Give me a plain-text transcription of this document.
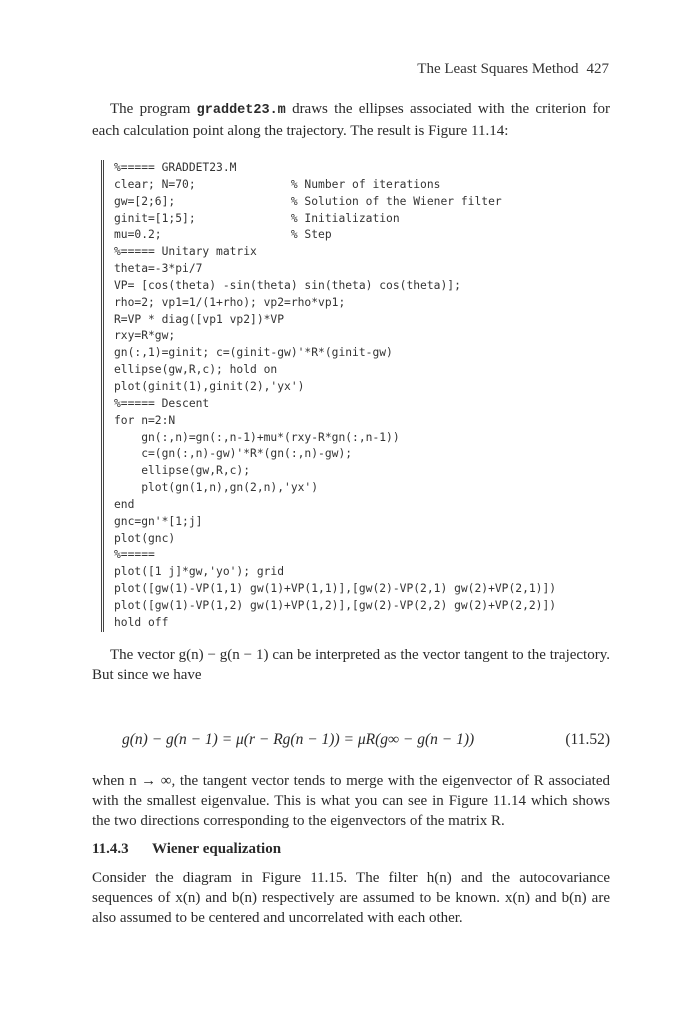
The Least Squares Method 427
The program graddet23.m draws the ellipses associated with the criterion for each calculation point along the trajectory. The result is Figure 11.14:
%===== GRADDET23.M
clear; N=70;              % Number of iterations
gw=[2;6];                 % Solution of the Wiener filter
ginit=[1;5];              % Initialization
mu=0.2;                   % Step
%===== Unitary matrix
theta=-3*pi/7
VP= [cos(theta) -sin(theta) sin(theta) cos(theta)];
rho=2; vp1=1/(1+rho); vp2=rho*vp1;
R=VP * diag([vp1 vp2])*VP
rxy=R*gw;
gn(:,1)=ginit; c=(ginit-gw)'*R*(ginit-gw)
ellipse(gw,R,c); hold on
plot(ginit(1),ginit(2),'yx')
%===== Descent
for n=2:N
gn(:,n)=gn(:,n-1)+mu*(rxy-R*gn(:,n-1))
c=(gn(:,n)-gw)'*R*(gn(:,n)-gw);
ellipse(gw,R,c);
plot(gn(1,n),gn(2,n),'yx')
end
gnc=gn'*[1;j]
plot(gnc)
%=====
plot([1 j]*gw,'yo'); grid
plot([gw(1)-VP(1,1) gw(1)+VP(1,1)],[gw(2)-VP(2,1) gw(2)+VP(2,1)])
plot([gw(1)-VP(1,2) gw(1)+VP(1,2)],[gw(2)-VP(2,2) gw(2)+VP(2,2)])
hold off
The vector g(n) − g(n − 1) can be interpreted as the vector tangent to the trajectory. But since we have
g(n) − g(n − 1) = μ(r − Rg(n − 1)) = μR(g∞ − g(n − 1))	(11.52)
when n → ∞, the tangent vector tends to merge with the eigenvector of R associated with the smallest eigenvalue. This is what you can see in Figure 11.14 which shows the two directions corresponding to the eigenvectors of the matrix R.
11.4.3 Wiener equalization
Consider the diagram in Figure 11.15. The filter h(n) and the autocovariance sequences of x(n) and b(n) respectively are assumed to be known. x(n) and b(n) are also assumed to be centered and uncorrelated with each other.
